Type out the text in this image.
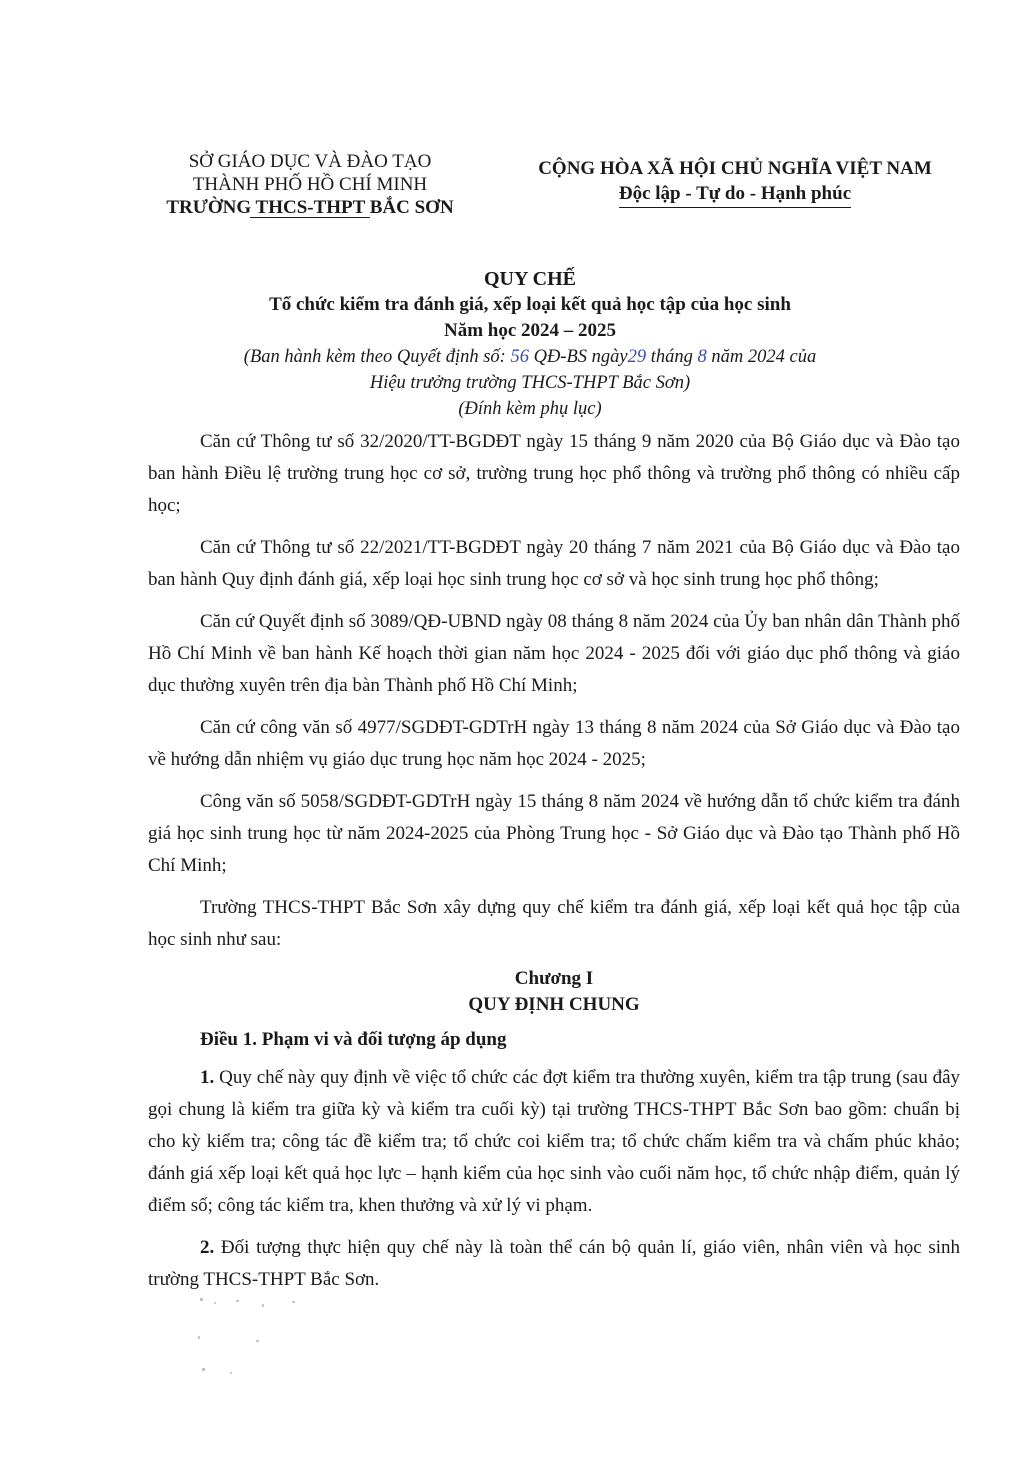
SỞ GIÁO DỤC VÀ ĐÀO TẠO
THÀNH PHỐ HỒ CHÍ MINH
TRƯỜNG THCS-THPT BẮC SƠN
CỘNG HÒA XÃ HỘI CHỦ NGHĨA VIỆT NAM
Độc lập - Tự do - Hạnh phúc
QUY CHẾ
Tổ chức kiểm tra đánh giá, xếp loại kết quả học tập của học sinh
Năm học 2024 – 2025
(Ban hành kèm theo Quyết định số: 56 QĐ-BS ngày29 tháng 8 năm 2024 của
Hiệu trưởng trường THCS-THPT Bắc Sơn)
(Đính kèm phụ lục)

Căn cứ Thông tư số 32/2020/TT-BGDĐT ngày 15 tháng 9 năm 2020 của Bộ Giáo dục và Đào tạo ban hành Điều lệ trường trung học cơ sở, trường trung học phổ thông và trường phổ thông có nhiều cấp học;

Căn cứ Thông tư số 22/2021/TT-BGDĐT ngày 20 tháng 7 năm 2021 của Bộ Giáo dục và Đào tạo ban hành Quy định đánh giá, xếp loại học sinh trung học cơ sở và học sinh trung học phổ thông;

Căn cứ Quyết định số 3089/QĐ-UBND ngày 08 tháng 8 năm 2024 của Ủy ban nhân dân Thành phố Hồ Chí Minh về ban hành Kế hoạch thời gian năm học 2024 - 2025 đối với giáo dục phổ thông và giáo dục thường xuyên trên địa bàn Thành phố Hồ Chí Minh;

Căn cứ công văn số 4977/SGDĐT-GDTrH ngày 13 tháng 8 năm 2024 của Sở Giáo dục và Đào tạo về hướng dẫn nhiệm vụ giáo dục trung học năm học 2024 - 2025;

Công văn số 5058/SGDĐT-GDTrH ngày 15 tháng 8 năm 2024 về hướng dẫn tổ chức kiểm tra đánh giá học sinh trung học từ năm 2024-2025 của Phòng Trung học - Sở Giáo dục và Đào tạo Thành phố Hồ Chí Minh;

Trường THCS-THPT Bắc Sơn xây dựng quy chế kiểm tra đánh giá, xếp loại kết quả học tập của học sinh như sau:

Chương I
QUY ĐỊNH CHUNG
Điều 1. Phạm vi và đối tượng áp dụng

1. Quy chế này quy định về việc tổ chức các đợt kiểm tra thường xuyên, kiểm tra tập trung (sau đây gọi chung là kiểm tra giữa kỳ và kiểm tra cuối kỳ) tại trường THCS-THPT Bắc Sơn bao gồm: chuẩn bị cho kỳ kiểm tra; công tác đề kiểm tra; tổ chức coi kiểm tra; tổ chức chấm kiểm tra và chấm phúc khảo; đánh giá xếp loại kết quả học lực – hạnh kiểm của học sinh vào cuối năm học, tổ chức nhập điểm, quản lý điểm số; công tác kiểm tra, khen thưởng và xử lý vi phạm.

2. Đối tượng thực hiện quy chế này là toàn thể cán bộ quản lí, giáo viên, nhân viên và học sinh trường THCS-THPT Bắc Sơn.
